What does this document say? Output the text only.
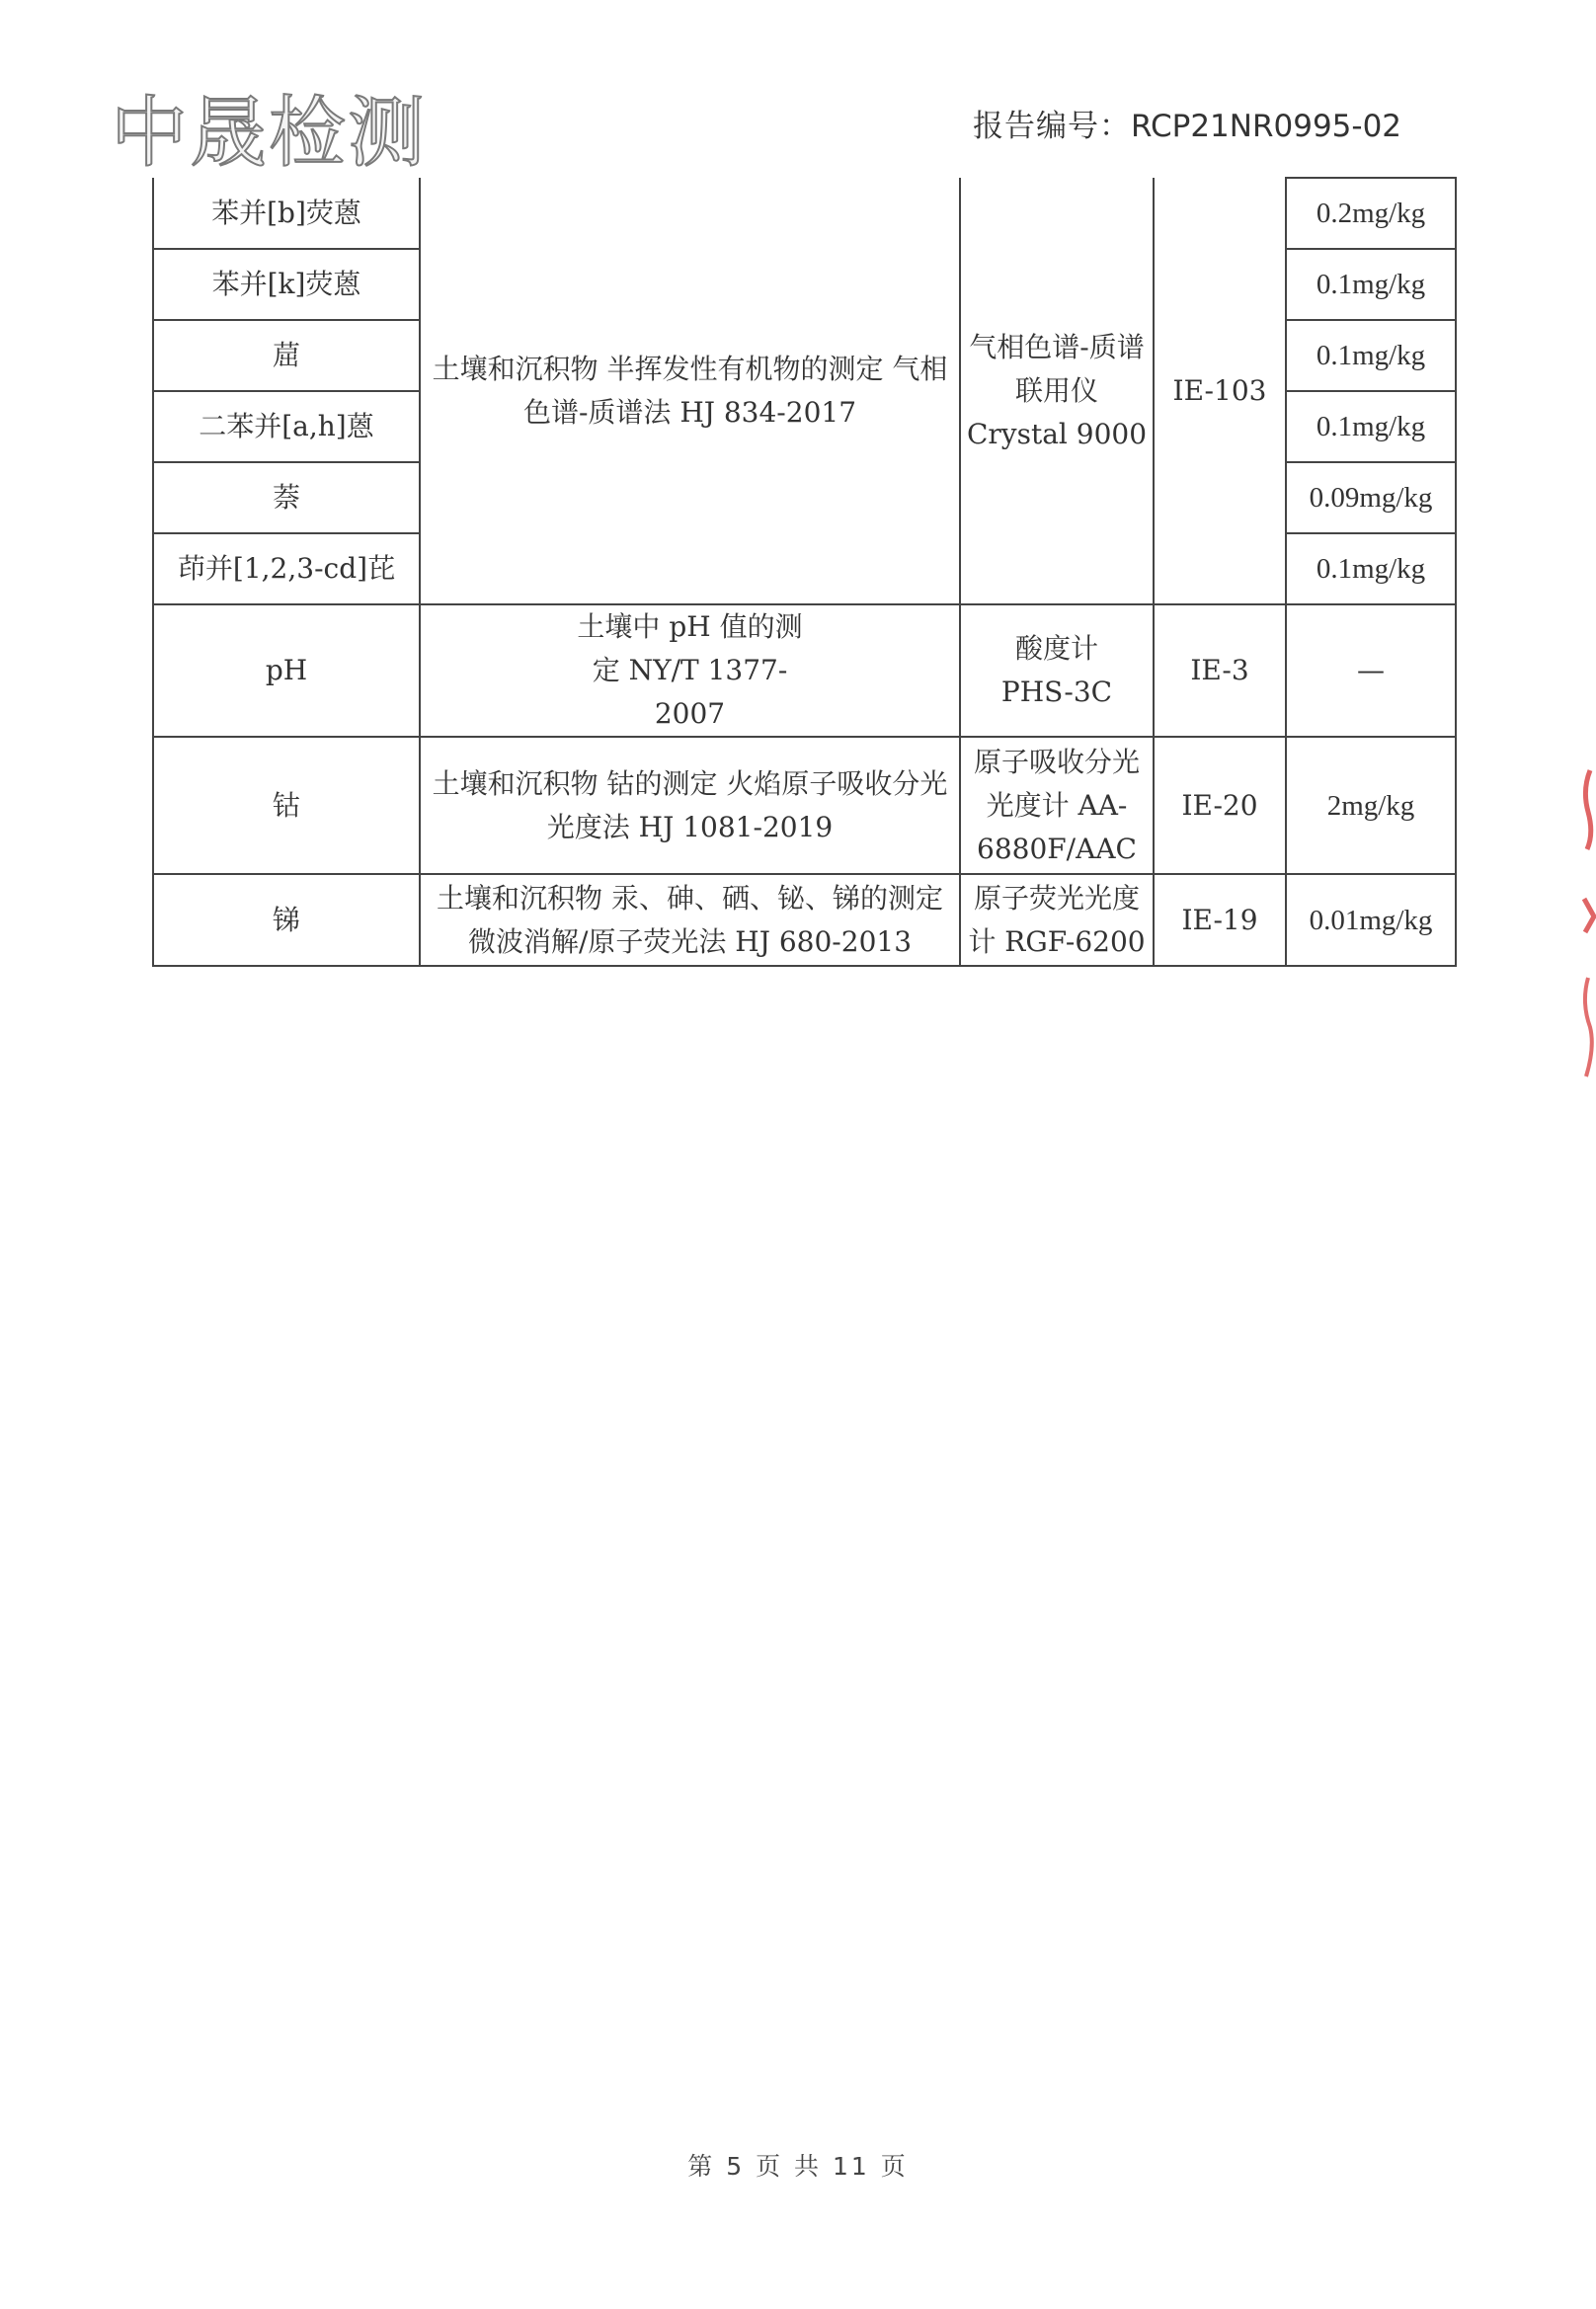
中晟检测	报告编号：RCP21NR0995-02
苯并[b]荧蒽	土壤和沉积物 半挥发性有机物的测定 气相色谱-质谱法 HJ 834-2017	气相色谱-质谱联用仪 Crystal 9000	IE-103	0.2mg/kg
苯并[k]荧蒽				0.1mg/kg
䓛				0.1mg/kg
二苯并[a,h]蒽				0.1mg/kg
萘				0.09mg/kg
茚并[1,2,3-cd]芘				0.1mg/kg
pH	土壤中 pH 值的测定 NY/T 1377-2007	酸度计 PHS-3C	IE-3	—
钴	土壤和沉积物 钴的测定 火焰原子吸收分光光度法 HJ 1081-2019	原子吸收分光光度计 AA-6880F/AAC	IE-20	2mg/kg
锑	土壤和沉积物 汞、砷、硒、铋、锑的测定 微波消解/原子荧光法 HJ 680-2013	原子荧光光度计 RGF-6200	IE-19	0.01mg/kg
第 5 页 共 11 页
